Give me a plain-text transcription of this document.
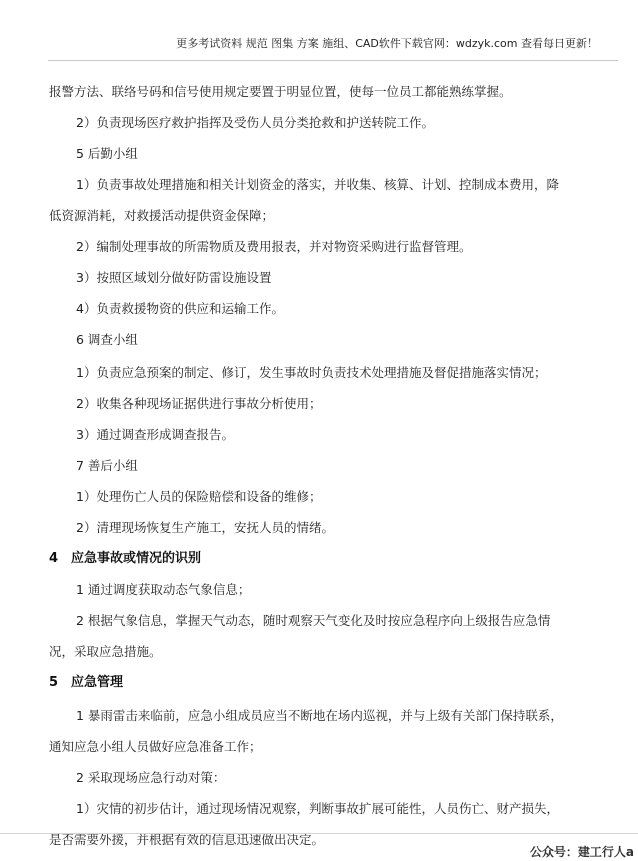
更多考试资料 规范 图集 方案 施组、CAD软件下载官网：wdzyk.com 查看每日更新！
报警方法、联络号码和信号使用规定要置于明显位置，使每一位员工都能熟练掌握。
2）负责现场医疗救护指挥及受伤人员分类抢救和护送转院工作。
5 后勤小组
1）负责事故处理措施和相关计划资金的落实，并收集、核算、计划、控制成本费用，降
低资源消耗，对救援活动提供资金保障；
2）编制处理事故的所需物质及费用报表，并对物资采购进行监督管理。
3）按照区域划分做好防雷设施设置
4）负责救援物资的供应和运输工作。
6 调查小组
1）负责应急预案的制定、修订，发生事故时负责技术处理措施及督促措施落实情况；
2）收集各种现场证据供进行事故分析使用；
3）通过调查形成调查报告。
7 善后小组
1）处理伤亡人员的保险赔偿和设备的维修；
2）清理现场恢复生产施工，安抚人员的情绪。
4　应急事故或情况的识别
1 通过调度获取动态气象信息；
2 根据气象信息，掌握天气动态，随时观察天气变化及时按应急程序向上级报告应急情
况，采取应急措施。
5　应急管理
1 暴雨雷击来临前，应急小组成员应当不断地在场内巡视，并与上级有关部门保持联系，
通知应急小组人员做好应急准备工作；
2 采取现场应急行动对策：
1）灾情的初步估计，通过现场情况观察，判断事故扩展可能性，人员伤亡、财产损失，
是否需要外援，并根据有效的信息迅速做出决定。
公众号：建工行人a
